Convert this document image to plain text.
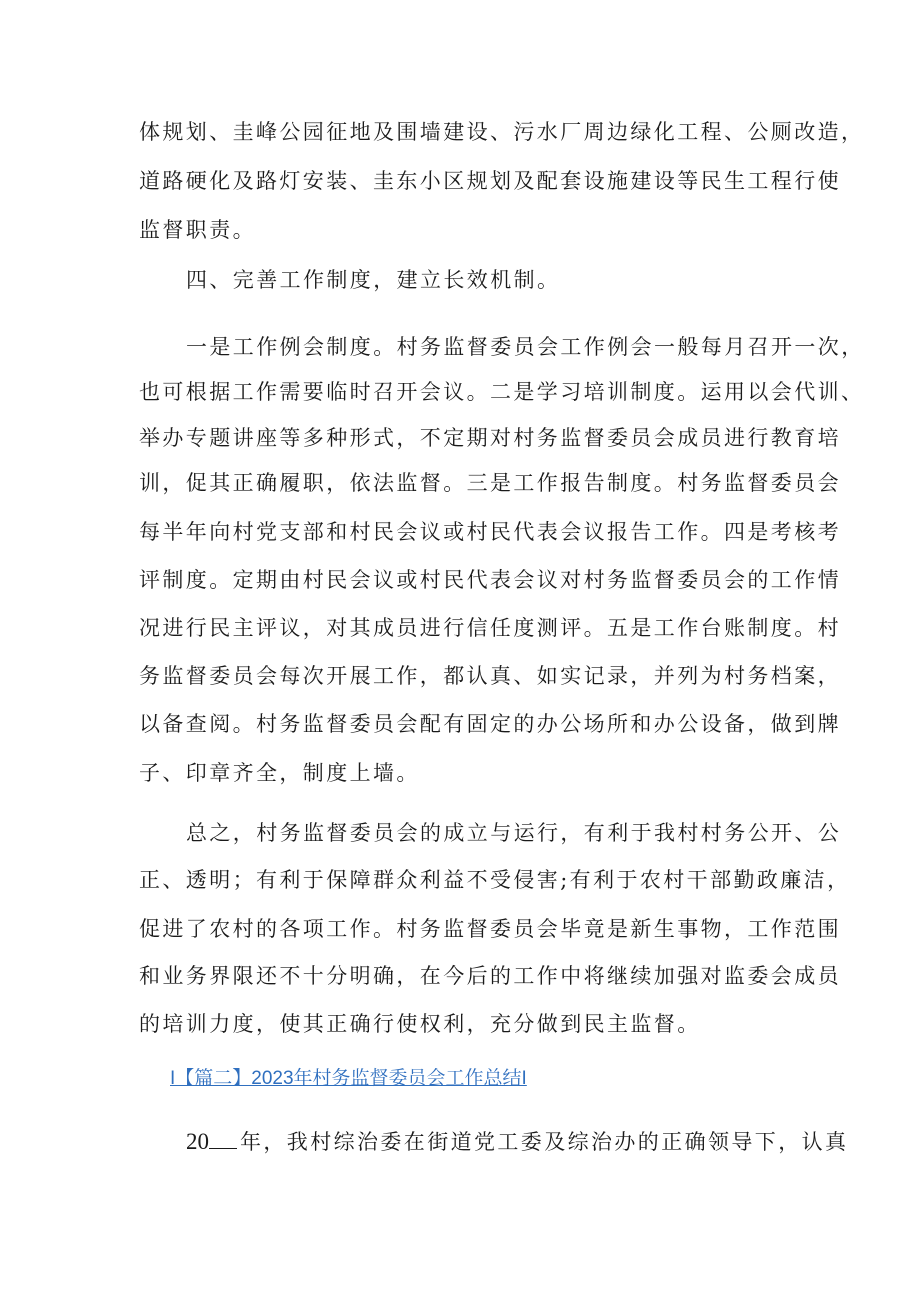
体规划、圭峰公园征地及围墙建设、污水厂周边绿化工程、公厕改造，
道路硬化及路灯安装、圭东小区规划及配套设施建设等民生工程行使
监督职责。
四、完善工作制度，建立长效机制。
一是工作例会制度。村务监督委员会工作例会一般每月召开一次，
也可根据工作需要临时召开会议。二是学习培训制度。运用以会代训、
举办专题讲座等多种形式，不定期对村务监督委员会成员进行教育培
训，促其正确履职，依法监督。三是工作报告制度。村务监督委员会
每半年向村党支部和村民会议或村民代表会议报告工作。四是考核考
评制度。定期由村民会议或村民代表会议对村务监督委员会的工作情
况进行民主评议，对其成员进行信任度测评。五是工作台账制度。村
务监督委员会每次开展工作，都认真、如实记录，并列为村务档案，
以备查阅。村务监督委员会配有固定的办公场所和办公设备，做到牌
子、印章齐全，制度上墙。
总之，村务监督委员会的成立与运行，有利于我村村务公开、公
正、透明；有利于保障群众利益不受侵害;有利于农村干部勤政廉洁，
促进了农村的各项工作。村务监督委员会毕竟是新生事物，工作范围
和业务界限还不十分明确，在今后的工作中将继续加强对监委会成员
的培训力度，使其正确行使权利，充分做到民主监督。
I【篇二】2023年村务监督委员会工作总结I
20 年，我村综治委在街道党工委及综治办的正确领导下，认真
